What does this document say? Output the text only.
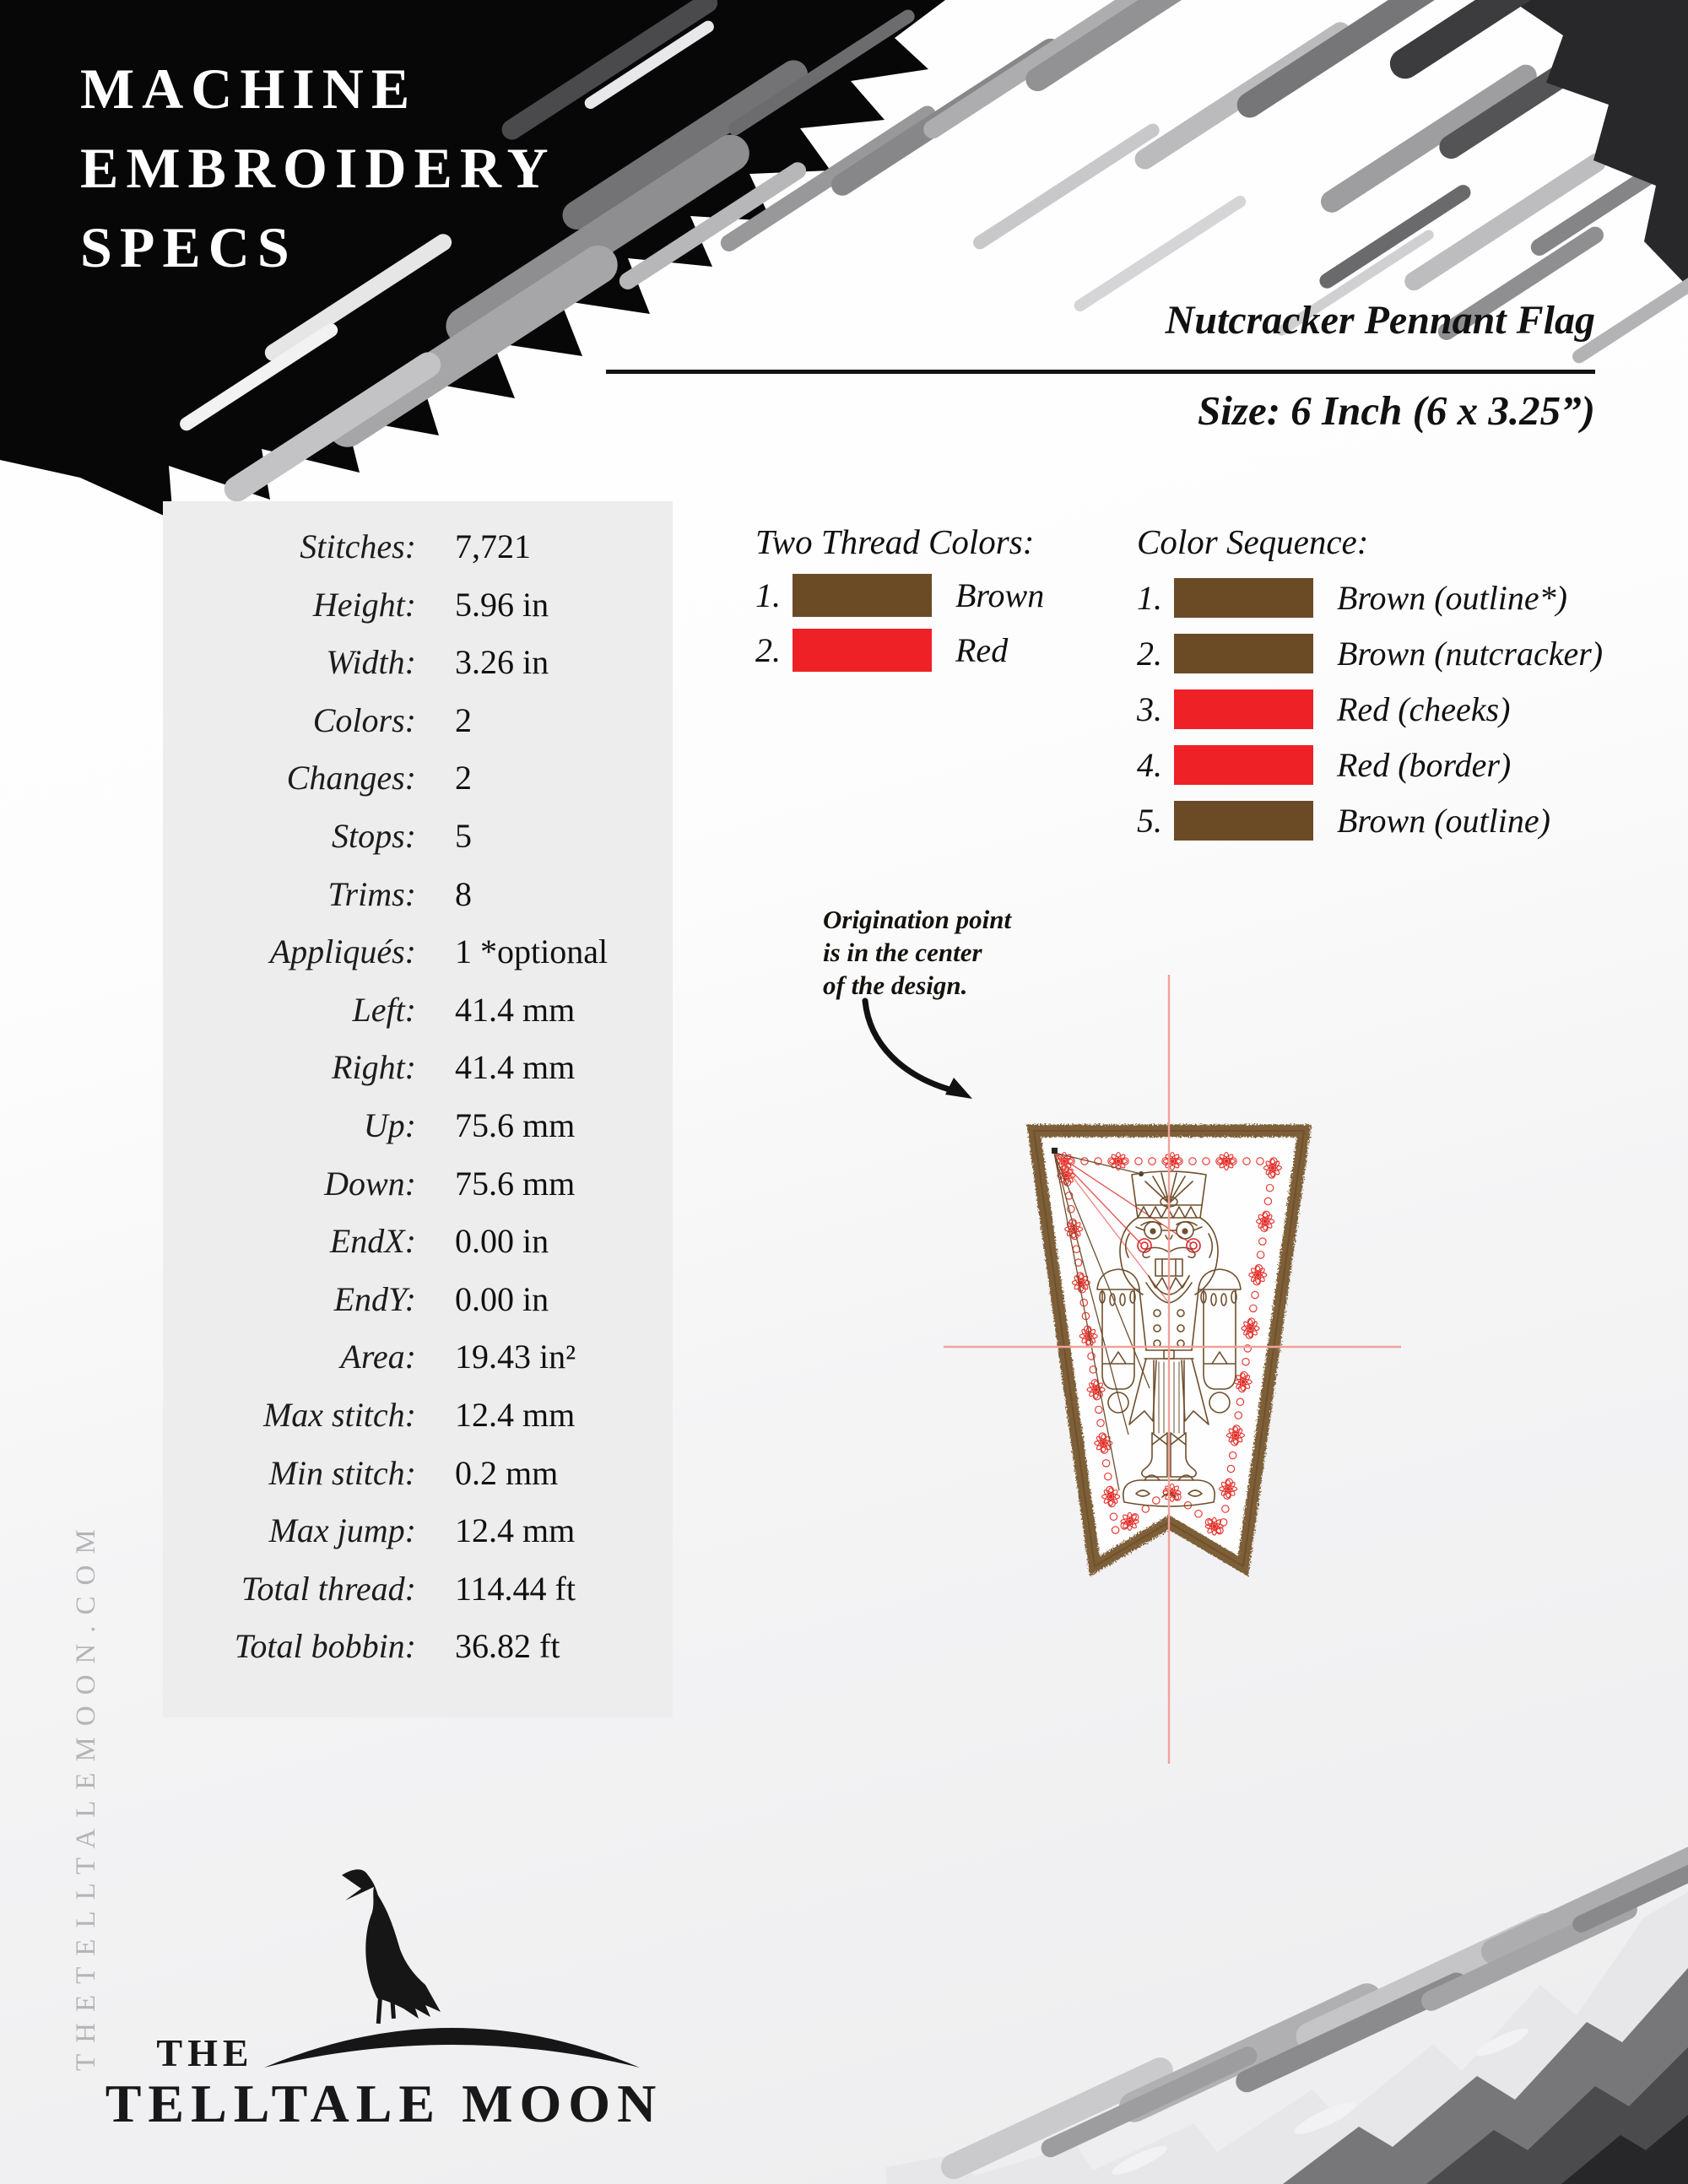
MACHINE
EMBROIDERY
SPECS
Nutcracker Pennant Flag
Size: 6 Inch (6 x 3.25”)
Stitches: 7,721
Height: 5.96 in
Width: 3.26 in
Colors: 2
Changes: 2
Stops: 5
Trims: 8
Appliqués: 1 *optional
Left: 41.4 mm
Right: 41.4 mm
Up: 75.6 mm
Down: 75.6 mm
EndX: 0.00 in
EndY: 0.00 in
Area: 19.43 in²
Max stitch: 12.4 mm
Min stitch: 0.2 mm
Max jump: 12.4 mm
Total thread: 114.44 ft
Total bobbin: 36.82 ft
Two Thread Colors:
1.	Brown
2.	Red
Color Sequence:
1.	Brown (outline*)
2.	Brown (nutcracker)
3.	Red (cheeks)
4.	Red (border)
5.	Brown (outline)
Origination point
is in the center
of the design.
THETELLTALEMOON.COM	THE
TELLTALE MOON
